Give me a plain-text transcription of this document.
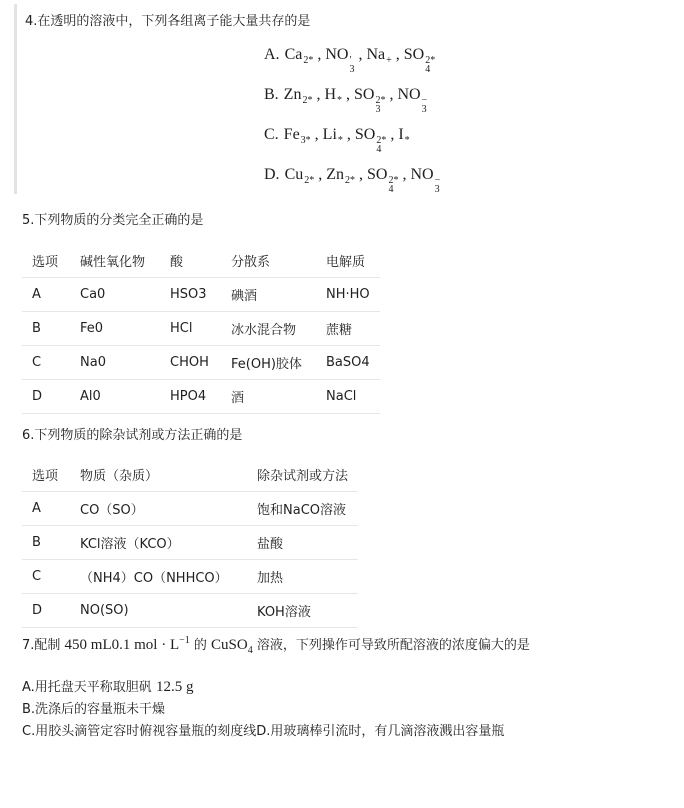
4.在透明的溶液中，下列各组离子能大量共存的是
A. Ca 2* , NO ′
3
, Na + , SO 2*
4
B. Zn 2* , H * , SO 2*
3
, NO −
3
C. Fe 3* , Li * , SO 2*
4
, I *
D. Cu 2* , Zn 2* , SO 2*
4
, NO −
3
5.下列物质的分类完全正确的是
选项	碱性氧化物	酸	分散系	电解质
A	Ca0	HSO3	碘酒	NH·HO
B	Fe0	HCl	冰水混合物	蔗糖
C	Na0	CHOH	Fe(OH)胶体	BaSO4
D	Al0	HPO4	酒	NaCl
6.下列物质的除杂试剂或方法正确的是
选项	物质（杂质）	除杂试剂或方法
A	CO（SO）	饱和NaCO溶液
B	KCl溶液（KCO）	盐酸
C	（NH4）CO（NHHCO）	加热
D	NO(SO)	KOH溶液
7.配制 450 mL0.1 mol · $L^{-1}$ 的 CuSO$_4$ 溶液，下列操作可导致所配溶液的浓度偏大的是
A.用托盘天平称取胆矾 12.5 g
B.洗涤后的容量瓶未干燥
C.用胶头滴管定容时俯视容量瓶的刻度线D.用玻璃棒引流时，有几滴溶液溅出容量瓶
